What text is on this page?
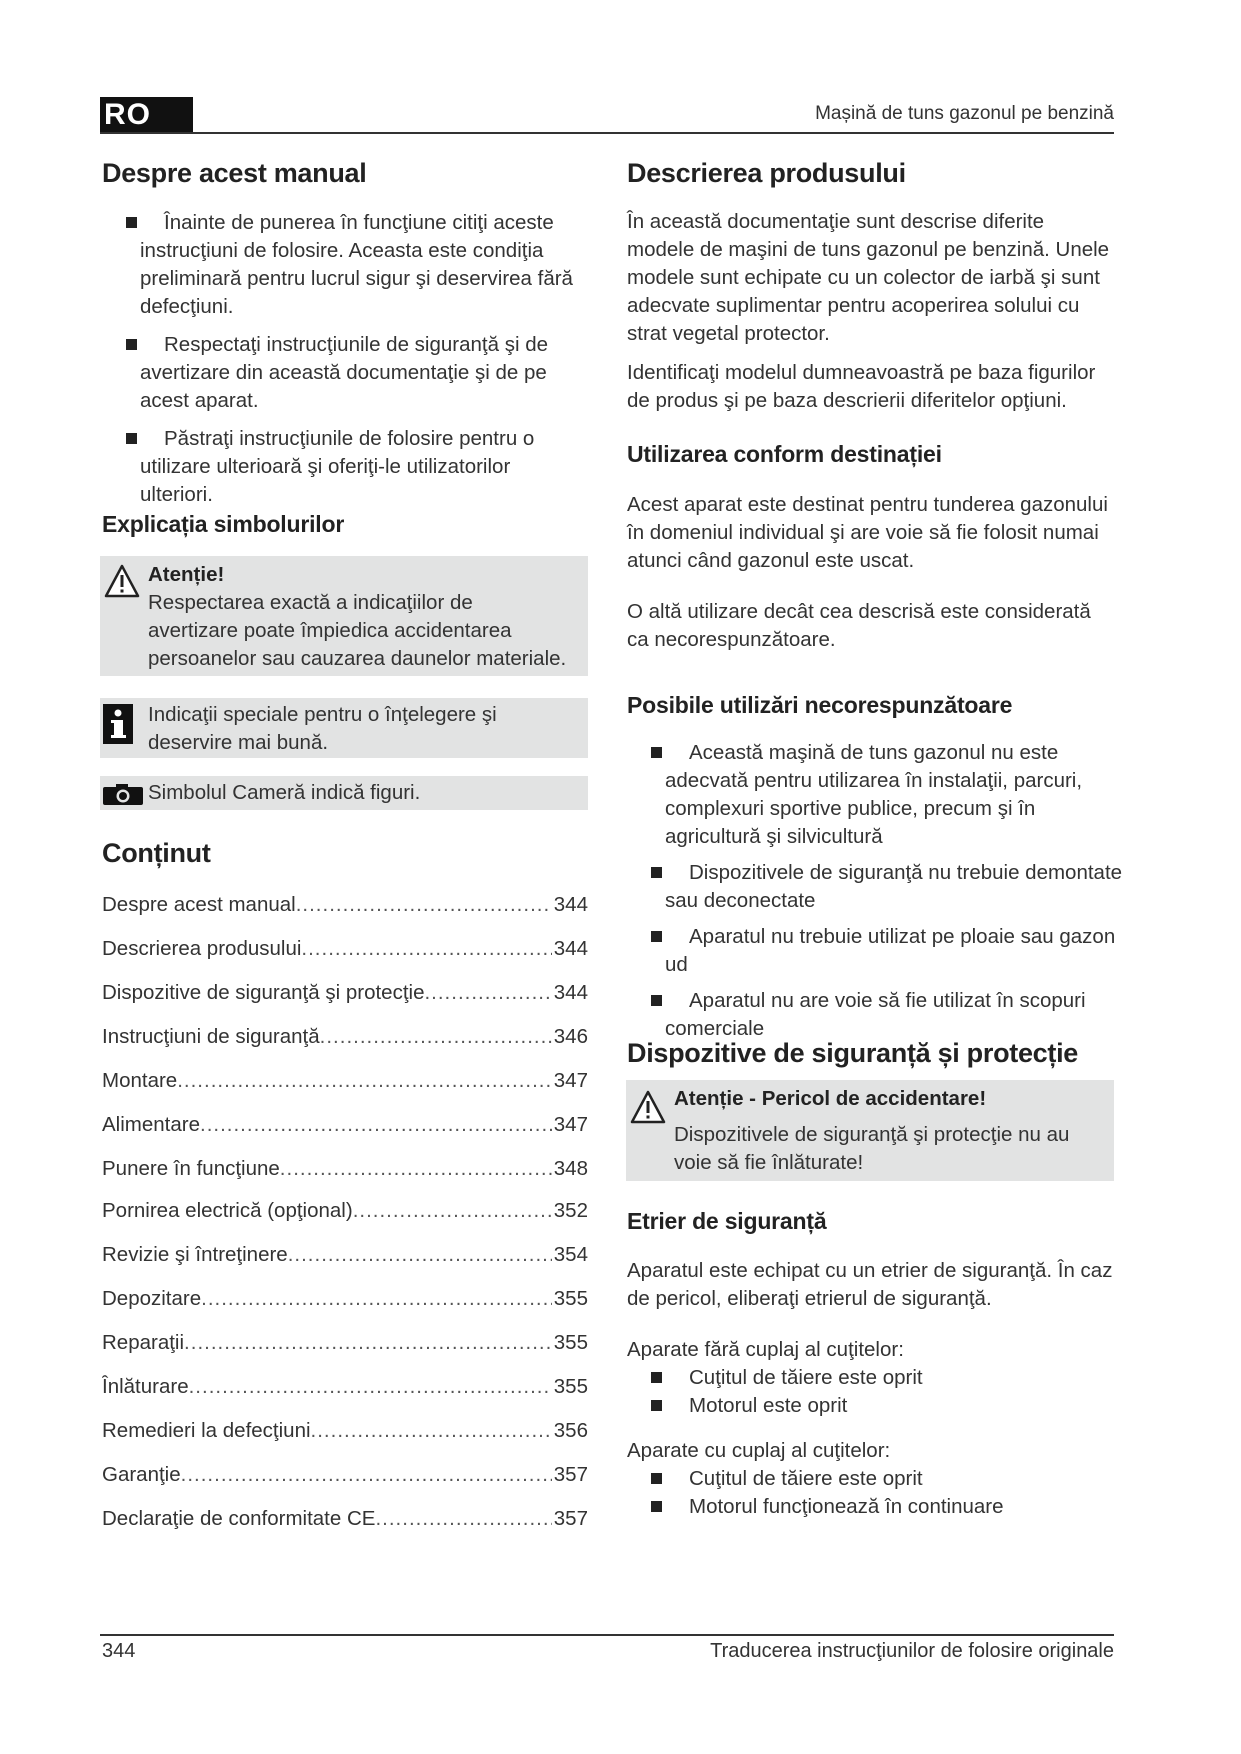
RO	Mașină de tuns gazonul pe benzină
Despre acest manual
Înainte de punerea în funcţiune citiţi aceste instrucţiuni de folosire. Aceasta este condiţia preliminară pentru lucrul sigur şi deservirea fără defecţiuni.
Respectaţi instrucţiunile de siguranţă şi de avertizare din această documentaţie şi de pe acest aparat.
Păstraţi instrucţiunile de folosire pentru o utilizare ulterioară şi oferiţi-le utilizatorilor ulteriori.
Explicația simbolurilor

Atenție!

Respectarea exactă a indicaţiilor de avertizare poate împiedica accidentarea persoanelor sau cauzarea daunelor materiale.

Indicaţii speciale pentru o înţelegere şi deservire mai bună.

Simbolul Cameră indică figuri.

Conținut
Despre acest manual .....	344
Descrierea produsului .....	344
Dispozitive de siguranţă şi protecţie .....	344
Instrucţiuni de siguranţă .....	346
Montare .....	347
Alimentare .....	347
Punere în funcţiune .....	348
Pornirea electrică (opţional) .....	352
Revizie şi întreţinere .....	354
Depozitare .....	355
Reparaţii .....	355
Înlăturare .....	355
Remedieri la defecţiuni .....	356
Garanţie .....	357
Declaraţie de conformitate CE .....	357
Descrierea produsului

În această documentaţie sunt descrise diferite modele de maşini de tuns gazonul pe benzină. Unele modele sunt echipate cu un colector de iarbă şi sunt adecvate suplimentar pentru acoperirea solului cu strat vegetal protector.

Identificaţi modelul dumneavoastră pe baza figurilor de produs şi pe baza descrierii diferitelor opţiuni.

Utilizarea conform destinației

Acest aparat este destinat pentru tunderea gazonului în domeniul individual şi are voie să fie folosit numai atunci când gazonul este uscat.

O altă utilizare decât cea descrisă este considerată ca necorespunzătoare.

Posibile utilizări necorespunzătoare
Această maşină de tuns gazonul nu este adecvată pentru utilizarea în instalaţii, parcuri, complexuri sportive publice, precum şi în agricultură şi silvicultură
Dispozitivele de siguranţă nu trebuie demontate sau deconectate
Aparatul nu trebuie utilizat pe ploaie sau gazon ud
Aparatul nu are voie să fie utilizat în scopuri comerciale
Dispozitive de siguranță și protecție

Atenție - Pericol de accidentare!

Dispozitivele de siguranţă şi protecţie nu au voie să fie înlăturate!

Etrier de siguranță

Aparatul este echipat cu un etrier de siguranţă. În caz de pericol, eliberaţi etrierul de siguranţă.

Aparate fără cuplaj al cuţitelor:

Cuţitul de tăiere este oprit
Motorul este oprit

Aparate cu cuplaj al cuţitelor:

Cuţitul de tăiere este oprit
Motorul funcţionează în continuare
344	Traducerea instrucţiunilor de folosire originale
